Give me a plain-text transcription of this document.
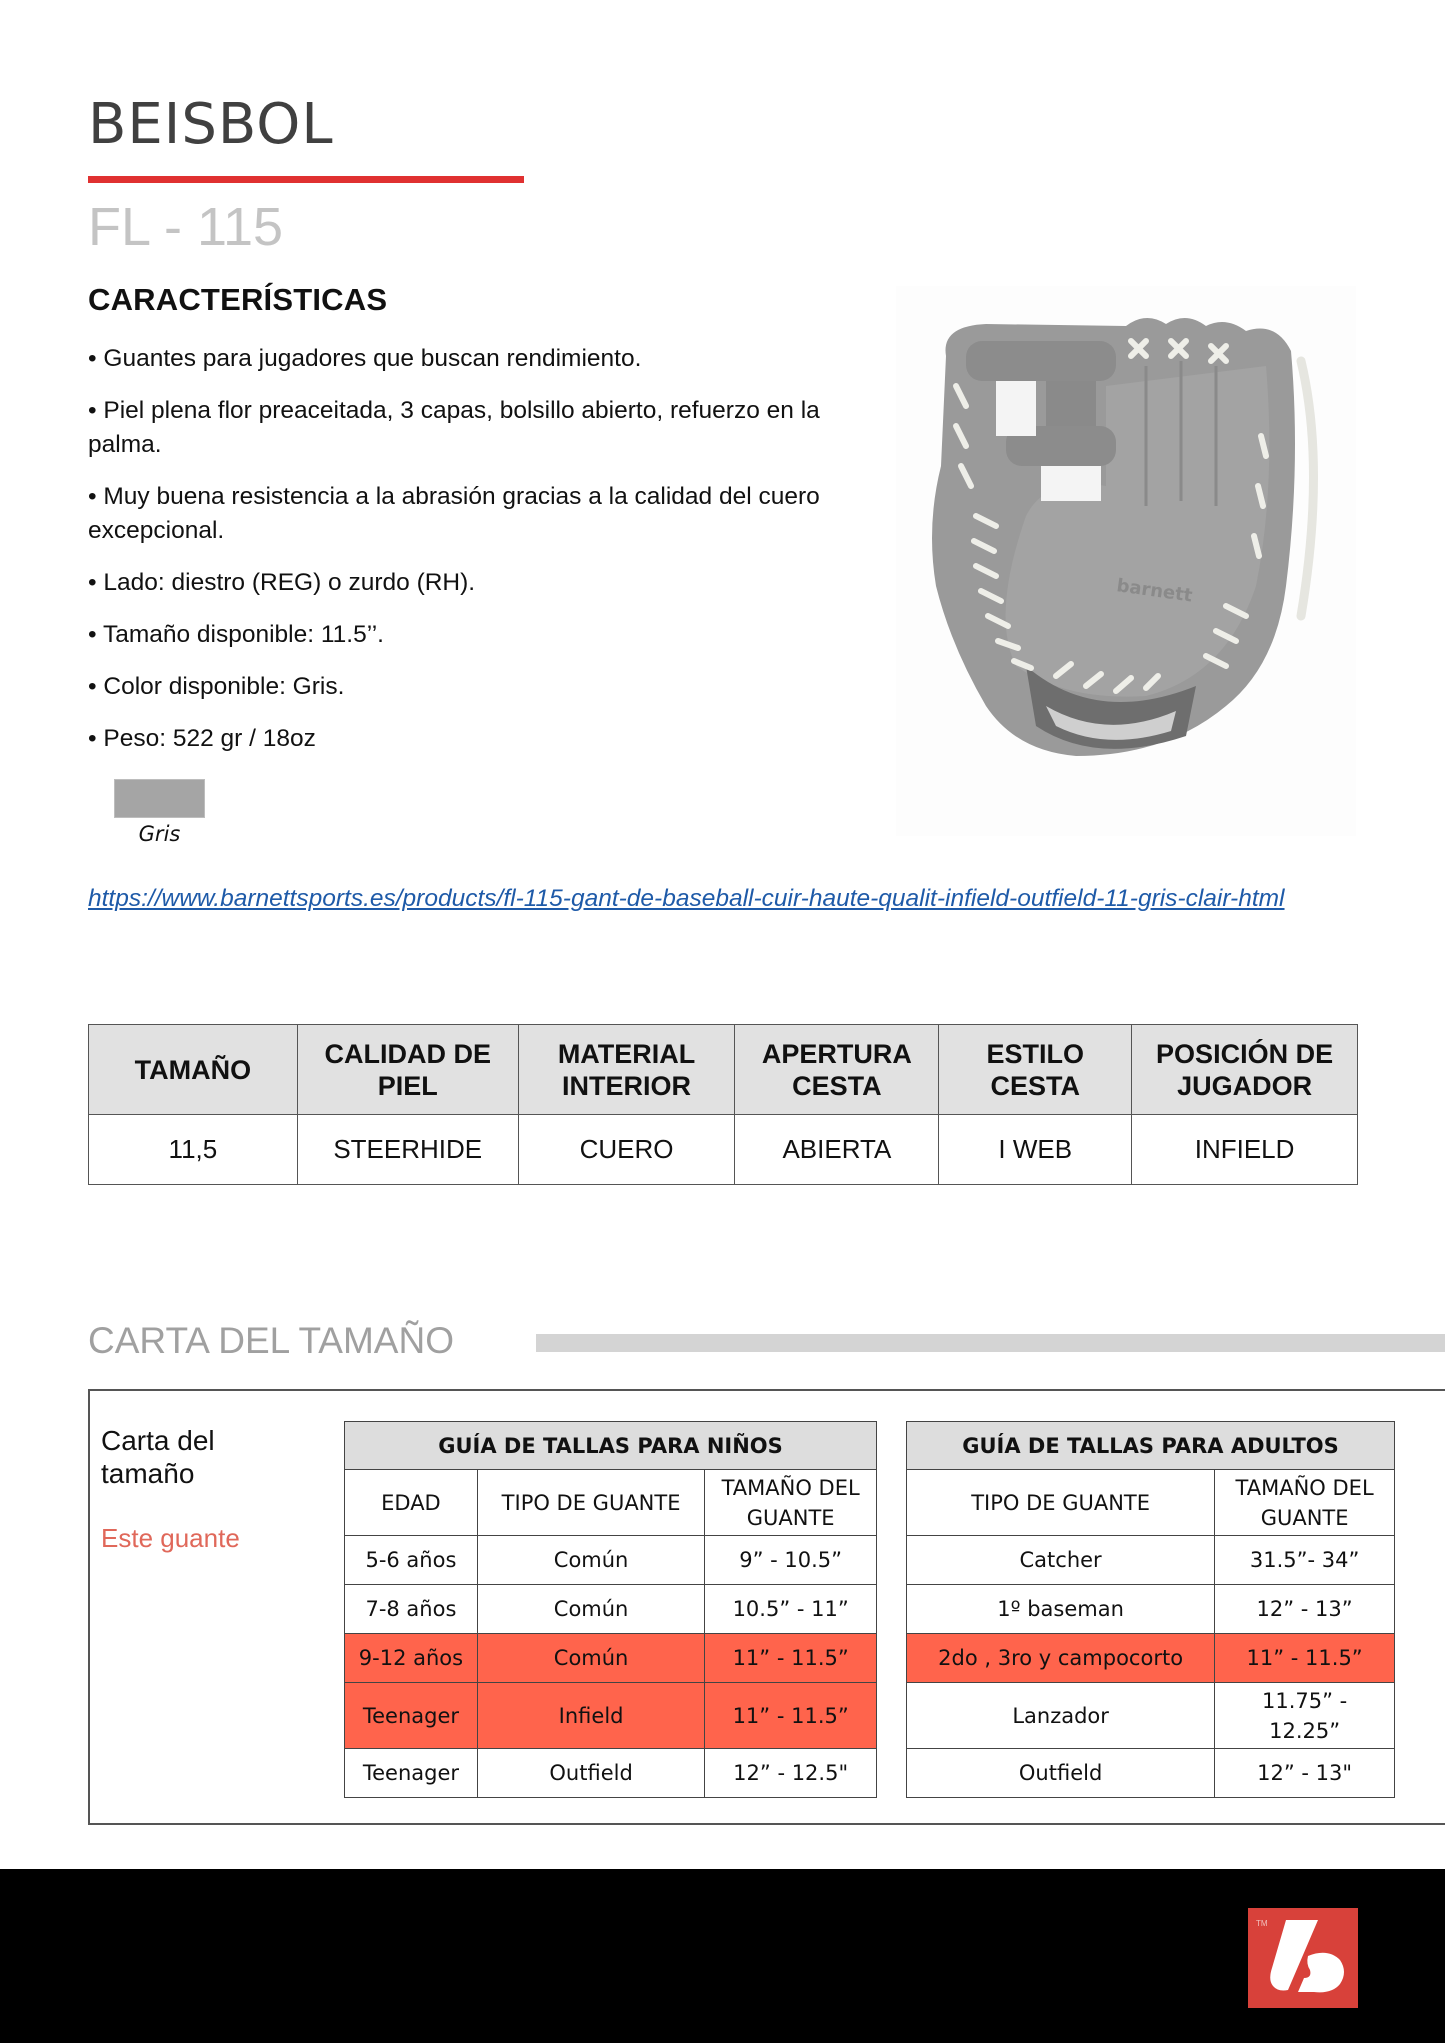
BEISBOL
FL - 115
CARACTERÍSTICAS

• Guantes para jugadores que buscan rendimiento.

• Piel plena flor preaceitada, 3 capas, bolsillo abierto, refuerzo en la palma.

• Muy buena resistencia a la abrasión gracias a la calidad del cuero excepcional.

• Lado: diestro (REG) o zurdo (RH).

• Tamaño disponible: 11.5’’.

• Color disponible: Gris.

• Peso: 522 gr / 18oz

Gris
barnett
https://www.barnettsports.es/products/fl-115-gant-de-baseball-cuir-haute-qualit-infield-outfield-11-gris-clair-html
TAMAÑO	CALIDAD DE PIEL	MATERIAL INTERIOR	APERTURA CESTA	ESTILO CESTA	POSICIÓN DE JUGADOR
11,5	STEERHIDE	CUERO	ABIERTA	I WEB	INFIELD
CARTA DEL TAMAÑO
Carta del tamaño
Este guante
GUÍA DE TALLAS PARA NIÑOS		
EDAD	TIPO DE GUANTE	TAMAÑO DEL GUANTE
5-6 años	Común	9” - 10.5”
7-8 años	Común	10.5” - 11”
9-12 años	Común	11” - 11.5”
Teenager	Infield	11” - 11.5”
Teenager	Outfield	12” - 12.5"
GUÍA DE TALLAS PARA ADULTOS	
TIPO DE GUANTE	TAMAÑO DEL GUANTE
Catcher	31.5”- 34”
1º baseman	12” - 13”
2do , 3ro y campocorto	11” - 11.5”
Lanzador	11.75” - 12.25”
Outfield	12” - 13"
TM
